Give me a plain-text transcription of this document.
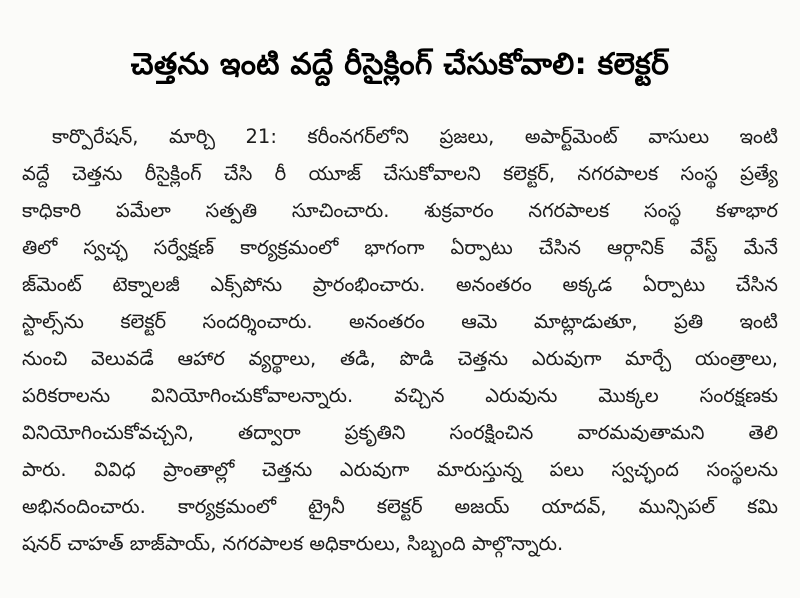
చెత్తను ఇంటి వద్దే రీసైక్లింగ్ చేసుకోవాలి: కలెక్టర్
కార్పొరేషన్, మార్చి 21: కరీంనగర్‌లోని ప్రజలు, అపార్ట్‌మెంట్ వాసులు ఇంటి
వద్దే చెత్తను రీసైక్లింగ్ చేసి రీ యూజ్ చేసుకోవాలని కలెక్టర్, నగరపాలక సంస్థ ప్రత్యే
కాధికారి పమేలా సత్పతి సూచించారు. శుక్రవారం నగరపాలక సంస్థ కళాభార
తిలో స్వచ్ఛ సర్వేక్షణ్ కార్యక్రమంలో భాగంగా ఏర్పాటు చేసిన ఆర్గానిక్ వేస్ట్ మేనే
జ్‌మెంట్ టెక్నాలజీ ఎక్స్‌పోను ప్రారంభించారు. అనంతరం అక్కడ ఏర్పాటు చేసిన
స్టాల్స్‌ను కలెక్టర్ సందర్శించారు. అనంతరం ఆమె మాట్లాడుతూ, ప్రతి ఇంటి
నుంచి వెలువడే ఆహార వ్యర్థాలు, తడి, పొడి చెత్తను ఎరువుగా మార్చే యంత్రాలు,
పరికరాలను వినియోగించుకోవాలన్నారు. వచ్చిన ఎరువును మొక్కల సంరక్షణకు
వినియోగించుకోవచ్చని, తద్వారా ప్రకృతిని సంరక్షించిన వారమవుతామని తెలి
పారు. వివిధ ప్రాంతాల్లో చెత్తను ఎరువుగా మారుస్తున్న పలు స్వచ్ఛంద సంస్థలను
అభినందించారు. కార్యక్రమంలో ట్రైనీ కలెక్టర్ అజయ్ యాదవ్, మున్సిపల్ కమి
షనర్ చాహత్ బాజ్‌పాయ్, నగరపాలక అధికారులు, సిబ్బంది పాల్గొన్నారు.
